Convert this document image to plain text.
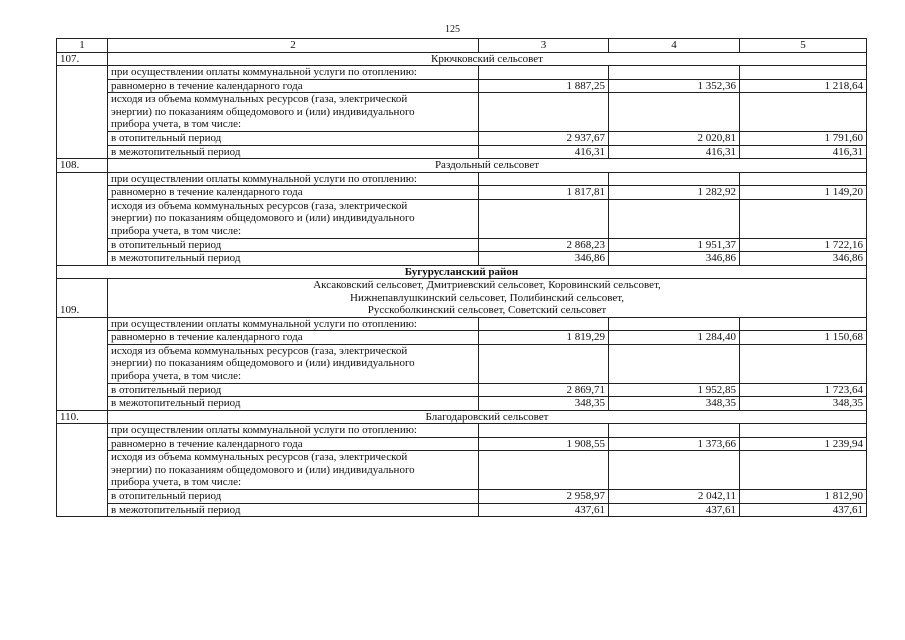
125
1	2	3	4	5
107.	Крючковский сельсовет			

	при осуществлении оплаты коммунальной услуги по отоплению:			
	равномерно в течение календарного года	1 887,25	1 352,36	1 218,64

	исходя из объема коммунальных ресурсов (газа, электрической
энергии) по показаниям общедомового и (или) индивидуального
прибора учета, в том числе:			

	в отопительный период	2 937,67	2 020,81	1 791,60
	в межотопительный период	416,31	416,31	416,31
108.	Раздольный сельсовет			

	при осуществлении оплаты коммунальной услуги по отоплению:			
	равномерно в течение календарного года	1 817,81	1 282,92	1 149,20

	исходя из объема коммунальных ресурсов (газа, электрической
энергии) по показаниям общедомового и (или) индивидуального
прибора учета, в том числе:			

	в отопительный период	2 868,23	1 951,37	1 722,16
	в межотопительный период	346,86	346,86	346,86
Бугурусланский район				
109.	Аксаковский сельсовет, Дмитриевский сельсовет, Коровинский сельсовет,
Нижнепавлушкинский сельсовет, Полибинский сельсовет,
Русскоболкинский сельсовет, Советский сельсовет			

	при осуществлении оплаты коммунальной услуги по отоплению:			
	равномерно в течение календарного года	1 819,29	1 284,40	1 150,68

	исходя из объема коммунальных ресурсов (газа, электрической
энергии) по показаниям общедомового и (или) индивидуального
прибора учета, в том числе:			

	в отопительный период	2 869,71	1 952,85	1 723,64
	в межотопительный период	348,35	348,35	348,35
110.	Благодаровский сельсовет			

	при осуществлении оплаты коммунальной услуги по отоплению:			
	равномерно в течение календарного года	1 908,55	1 373,66	1 239,94

	исходя из объема коммунальных ресурсов (газа, электрической
энергии) по показаниям общедомового и (или) индивидуального
прибора учета, в том числе:			

	в отопительный период	2 958,97	2 042,11	1 812,90
	в межотопительный период	437,61	437,61	437,61
